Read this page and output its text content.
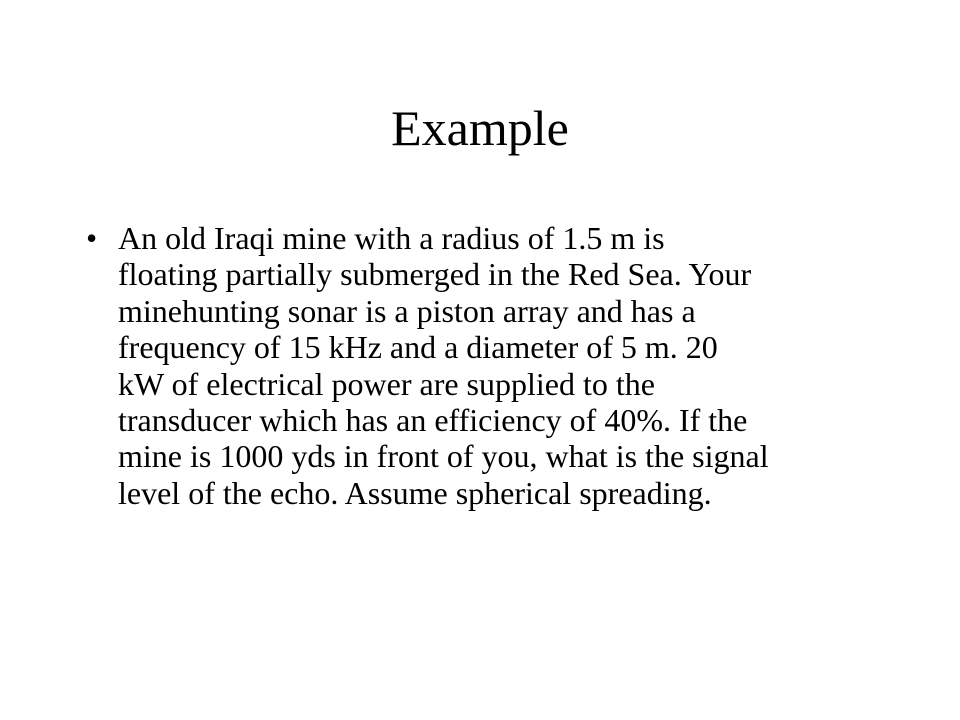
Example
• An old Iraqi mine with a radius of 1.5 m is
floating partially submerged in the Red Sea. Your
minehunting sonar is a piston array and has a
frequency of 15 kHz and a diameter of 5 m. 20
kW of electrical power are supplied to the
transducer which has an efficiency of 40%. If the
mine is 1000 yds in front of you, what is the signal
level of the echo. Assume spherical spreading.
